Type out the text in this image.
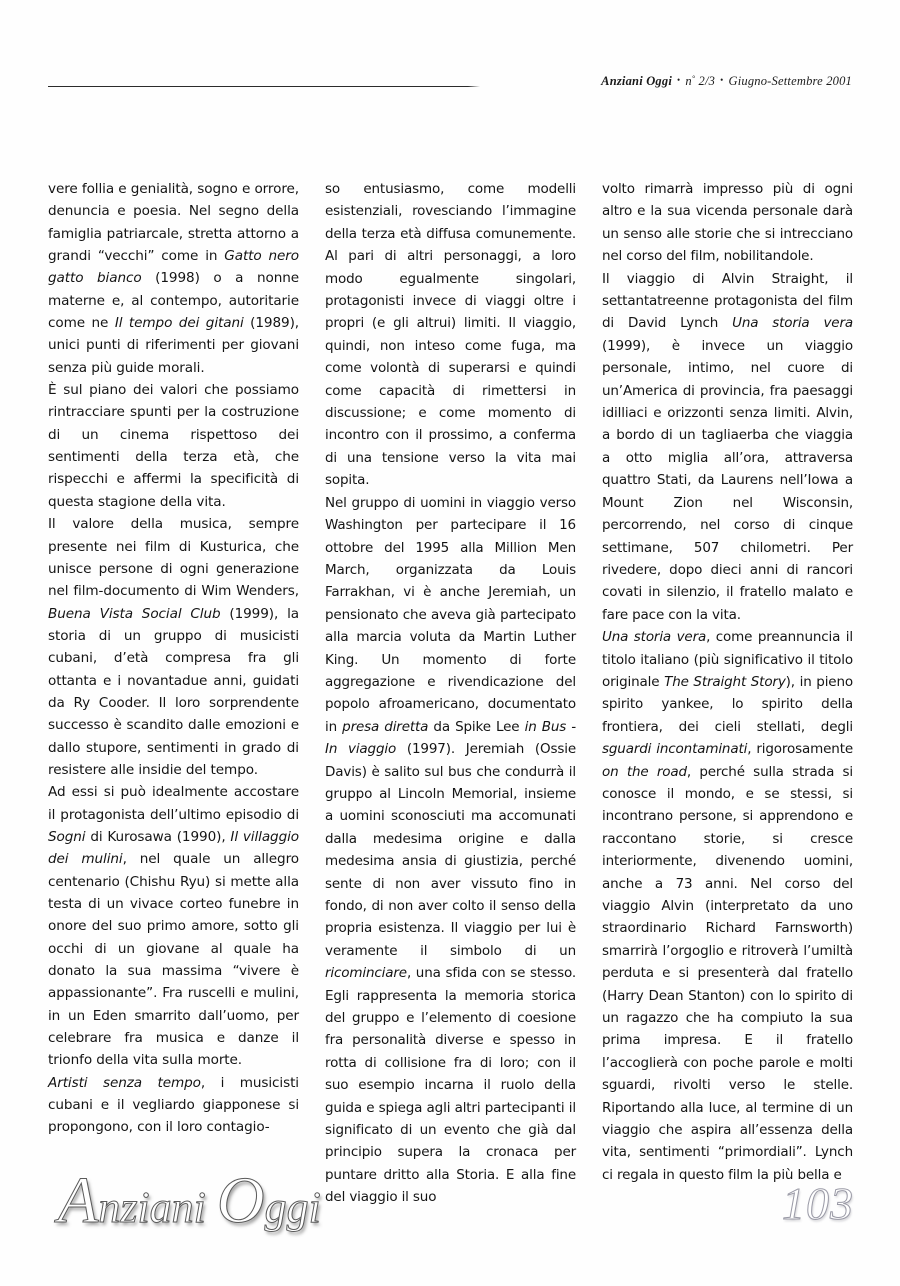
Anziani Oggi • n° 2/3 • Giugno-Settembre 2001

vere follia e genialità, sogno e orrore, denuncia e poesia. Nel segno della famiglia patriarcale, stretta attorno a grandi “vecchi” come in Gatto nero gatto bianco (1998) o a nonne materne e, al contempo, autoritarie come ne Il tempo dei gitani (1989), unici punti di riferimenti per giovani senza più guide morali.

È sul piano dei valori che possiamo rintracciare spunti per la costruzione di un cinema rispettoso dei sentimenti della terza età, che rispecchi e affermi la specificità di questa stagione della vita.

Il valore della musica, sempre presente nei film di Kusturica, che unisce persone di ogni generazione nel film-documento di Wim Wenders, Buena Vista Social Club (1999), la storia di un gruppo di musicisti cubani, d’età compresa fra gli ottanta e i novantadue anni, guidati da Ry Cooder. Il loro sorprendente successo è scandito dalle emozioni e dallo stupore, sentimenti in grado di resistere alle insidie del tempo.

Ad essi si può idealmente accostare il protagonista dell’ultimo episodio di Sogni di Kurosawa (1990), Il villaggio dei mulini, nel quale un allegro centenario (Chishu Ryu) si mette alla testa di un vivace corteo funebre in onore del suo primo amore, sotto gli occhi di un giovane al quale ha donato la sua massima “vivere è appassionante”. Fra ruscelli e mulini, in un Eden smarrito dall’uomo, per celebrare fra musica e danze il trionfo della vita sulla morte.

Artisti senza tempo, i musicisti cubani e il vegliardo giapponese si propongono, con il loro contagio-

so entusiasmo, come modelli esistenziali, rovesciando l’immagine della terza età diffusa comunemente. Al pari di altri personaggi, a loro modo egualmente singolari, protagonisti invece di viaggi oltre i propri (e gli altrui) limiti. Il viaggio, quindi, non inteso come fuga, ma come volontà di superarsi e quindi come capacità di rimettersi in discussione; e come momento di incontro con il prossimo, a conferma di una tensione verso la vita mai sopita.

Nel gruppo di uomini in viaggio verso Washington per partecipare il 16 ottobre del 1995 alla Million Men March, organizzata da Louis Farrakhan, vi è anche Jeremiah, un pensionato che aveva già partecipato alla marcia voluta da Martin Luther King. Un momento di forte aggregazione e rivendicazione del popolo afroamericano, documentato in presa diretta da Spike Lee in Bus - In viaggio (1997). Jeremiah (Ossie Davis) è salito sul bus che condurrà il gruppo al Lincoln Memorial, insieme a uomini sconosciuti ma accomunati dalla medesima origine e dalla medesima ansia di giustizia, perché sente di non aver vissuto fino in fondo, di non aver colto il senso della propria esistenza. Il viaggio per lui è veramente il simbolo di un ricominciare, una sfida con se stesso. Egli rappresenta la memoria storica del gruppo e l’elemento di coesione fra personalità diverse e spesso in rotta di collisione fra di loro; con il suo esempio incarna il ruolo della guida e spiega agli altri partecipanti il significato di un evento che già dal principio supera la cronaca per puntare dritto alla Storia. E alla fine del viaggio il suo

volto rimarrà impresso più di ogni altro e la sua vicenda personale darà un senso alle storie che si intrecciano nel corso del film, nobilitandole.

Il viaggio di Alvin Straight, il settantatreenne protagonista del film di David Lynch Una storia vera (1999), è invece un viaggio personale, intimo, nel cuore di un’America di provincia, fra paesaggi idilliaci e orizzonti senza limiti. Alvin, a bordo di un tagliaerba che viaggia a otto miglia all’ora, attraversa quattro Stati, da Laurens nell’Iowa a Mount Zion nel Wisconsin, percorrendo, nel corso di cinque settimane, 507 chilometri. Per rivedere, dopo dieci anni di rancori covati in silenzio, il fratello malato e fare pace con la vita.

Una storia vera, come preannuncia il titolo italiano (più significativo il titolo originale The Straight Story), in pieno spirito yankee, lo spirito della frontiera, dei cieli stellati, degli sguardi incontaminati, rigorosamente on the road, perché sulla strada si conosce il mondo, e se stessi, si incontrano persone, si apprendono e raccontano storie, si cresce interiormente, divenendo uomini, anche a 73 anni. Nel corso del viaggio Alvin (interpretato da uno straordinario Richard Farnsworth) smarrirà l’orgoglio e ritroverà l’umiltà perduta e si presenterà dal fratello (Harry Dean Stanton) con lo spirito di un ragazzo che ha compiuto la sua prima impresa. E il fratello l’accoglierà con poche parole e molti sguardi, rivolti verso le stelle. Riportando alla luce, al termine di un viaggio che aspira all’essenza della vita, sentimenti “primordiali”. Lynch ci regala in questo film la più bella e

Anziani Oggi	103
